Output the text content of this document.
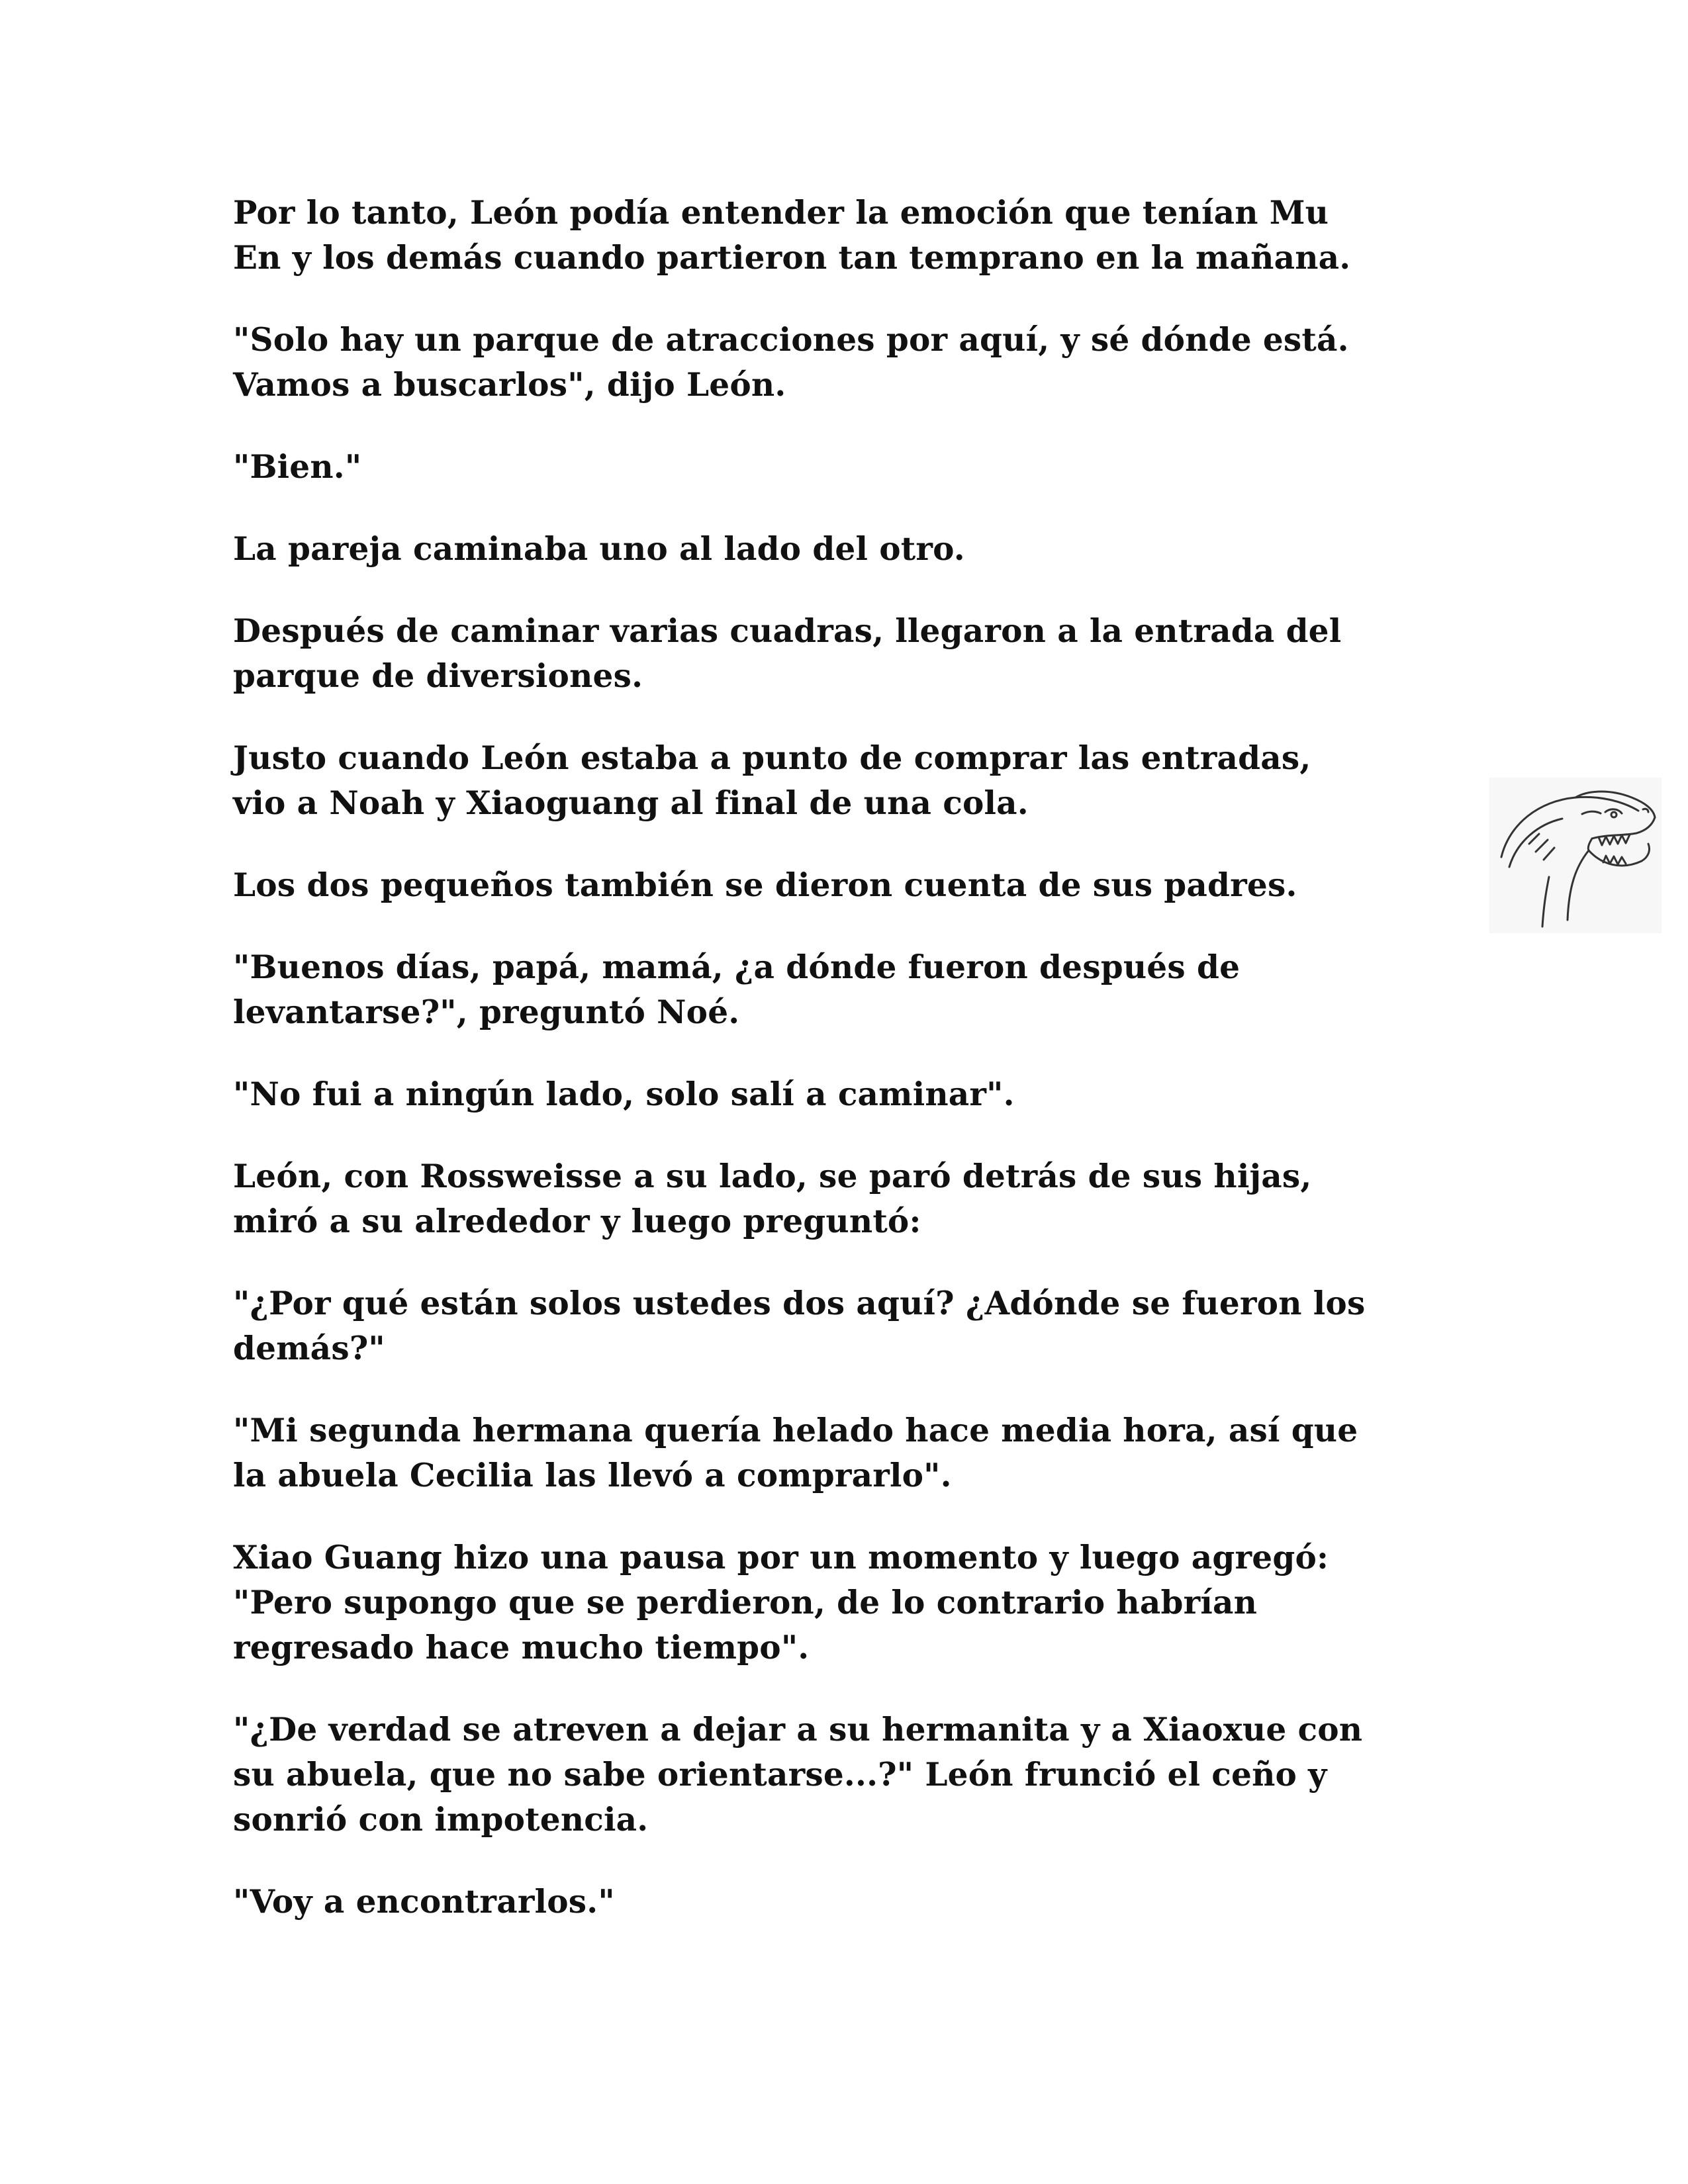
Por lo tanto, León podía entender la emoción que tenían Mu
En y los demás cuando partieron tan temprano en la mañana.

"Solo hay un parque de atracciones por aquí, y sé dónde está.
Vamos a buscarlos", dijo León.

"Bien."

La pareja caminaba uno al lado del otro.

Después de caminar varias cuadras, llegaron a la entrada del
parque de diversiones.

Justo cuando León estaba a punto de comprar las entradas,
vio a Noah y Xiaoguang al final de una cola.

Los dos pequeños también se dieron cuenta de sus padres.

"Buenos días, papá, mamá, ¿a dónde fueron después de
levantarse?", preguntó Noé.

"No fui a ningún lado, solo salí a caminar".

León, con Rossweisse a su lado, se paró detrás de sus hijas,
miró a su alrededor y luego preguntó:

"¿Por qué están solos ustedes dos aquí? ¿Adónde se fueron los
demás?"

"Mi segunda hermana quería helado hace media hora, así que
la abuela Cecilia las llevó a comprarlo".

Xiao Guang hizo una pausa por un momento y luego agregó:
"Pero supongo que se perdieron, de lo contrario habrían
regresado hace mucho tiempo".

"¿De verdad se atreven a dejar a su hermanita y a Xiaoxue con
su abuela, que no sabe orientarse...?" León frunció el ceño y
sonrió con impotencia.

"Voy a encontrarlos."
